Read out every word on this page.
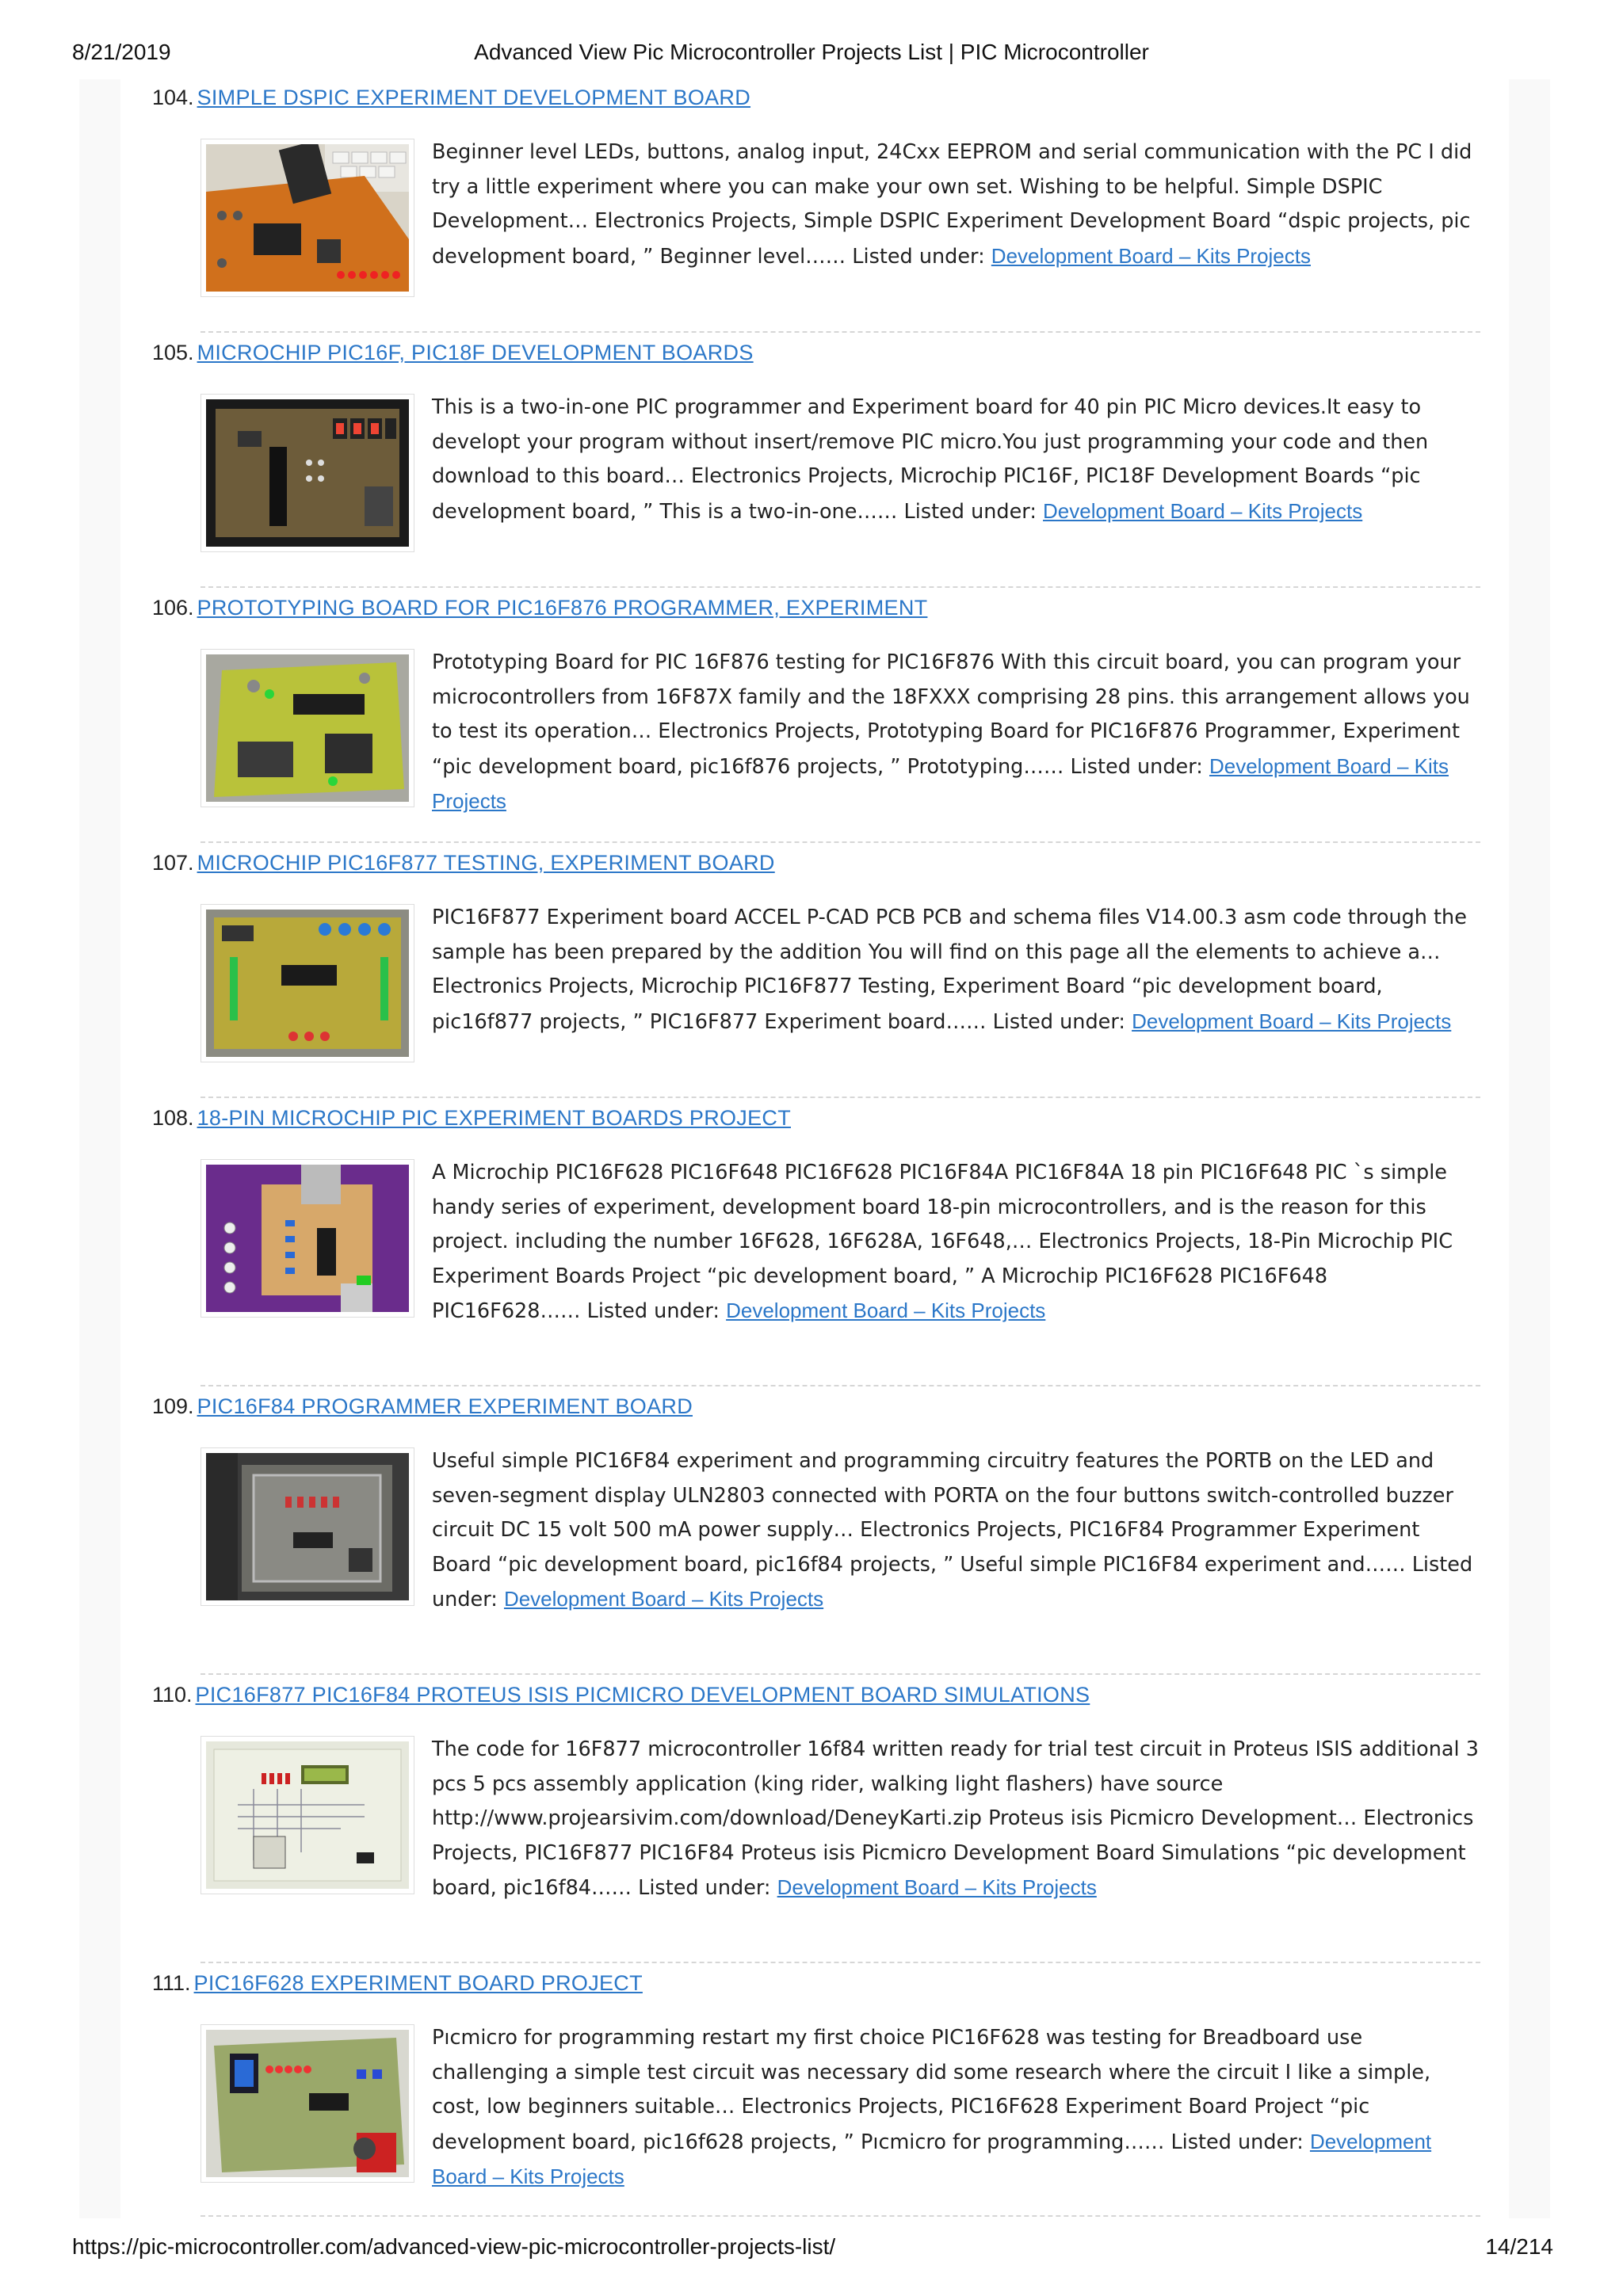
8/21/2019	Advanced View Pic Microcontroller Projects List | PIC Microcontroller
104. SIMPLE DSPIC EXPERIMENT DEVELOPMENT BOARD
Beginner level LEDs, buttons, analog input, 24Cxx EEPROM and serial communication with the PC I did try a little experiment where you can make your own set. Wishing to be helpful. Simple DSPIC Development… Electronics Projects, Simple DSPIC Experiment Development Board “dspic projects, pic development board, ” Beginner level…… Listed under: Development Board – Kits Projects
105. MICROCHIP PIC16F, PIC18F DEVELOPMENT BOARDS
This is a two-in-one PIC programmer and Experiment board for 40 pin PIC Micro devices.It easy to developt your program without insert/remove PIC micro.You just programming your code and then download to this board… Electronics Projects, Microchip PIC16F, PIC18F Development Boards “pic development board, ” This is a two-in-one…… Listed under: Development Board – Kits Projects
106. PROTOTYPING BOARD FOR PIC16F876 PROGRAMMER, EXPERIMENT
Prototyping Board for PIC 16F876 testing for PIC16F876 With this circuit board, you can program your microcontrollers from 16F87X family and the 18FXXX comprising 28 pins. this arrangement allows you to test its operation… Electronics Projects, Prototyping Board for PIC16F876 Programmer, Experiment “pic development board, pic16f876 projects, ” Prototyping…… Listed under: Development Board – Kits Projects
107. MICROCHIP PIC16F877 TESTING, EXPERIMENT BOARD
PIC16F877 Experiment board ACCEL P-CAD PCB PCB and schema files V14.00.3 asm code through the sample has been prepared by the addition You will find on this page all the elements to achieve a…Electronics Projects, Microchip PIC16F877 Testing, Experiment Board “pic development board, pic16f877 projects, ” PIC16F877 Experiment board…… Listed under: Development Board – Kits Projects
108. 18-PIN MICROCHIP PIC EXPERIMENT BOARDS PROJECT
A Microchip PIC16F628 PIC16F648 PIC16F628 PIC16F84A PIC16F84A 18 pin PIC16F648 PIC `s simple handy series of experiment, development board 18-pin microcontrollers, and is the reason for this project. including the number 16F628, 16F628A, 16F648,… Electronics Projects, 18-Pin Microchip PIC Experiment Boards Project “pic development board, ” A Microchip PIC16F628 PIC16F648 PIC16F628…… Listed under: Development Board – Kits Projects
109. PIC16F84 PROGRAMMER EXPERIMENT BOARD
Useful simple PIC16F84 experiment and programming circuitry features the PORTB on the LED and seven-segment display ULN2803 connected with PORTA on the four buttons switch-controlled buzzer circuit DC 15 volt 500 mA power supply… Electronics Projects, PIC16F84 Programmer Experiment Board “pic development board, pic16f84 projects, ” Useful simple PIC16F84 experiment and…… Listed under: Development Board – Kits Projects
110. PIC16F877 PIC16F84 PROTEUS ISIS PICMICRO DEVELOPMENT BOARD SIMULATIONS
The code for 16F877 microcontroller 16f84 written ready for trial test circuit in Proteus ISIS additional 3 pcs 5 pcs assembly application (king rider, walking light flashers) have source http://www.projearsivim.com/download/DeneyKarti.zip Proteus isis Picmicro Development… Electronics Projects, PIC16F877 PIC16F84 Proteus isis Picmicro Development Board Simulations “pic development board, pic16f84…… Listed under: Development Board – Kits Projects
111. PIC16F628 EXPERIMENT BOARD PROJECT
Pıcmicro for programming restart my first choice PIC16F628 was testing for Breadboard use challenging a simple test circuit was necessary did some research where the circuit I like a simple, cost, low beginners suitable… Electronics Projects, PIC16F628 Experiment Board Project “pic development board, pic16f628 projects, ” Pıcmicro for programming…… Listed under: Development Board – Kits Projects
https://pic-microcontroller.com/advanced-view-pic-microcontroller-projects-list/	14/214
